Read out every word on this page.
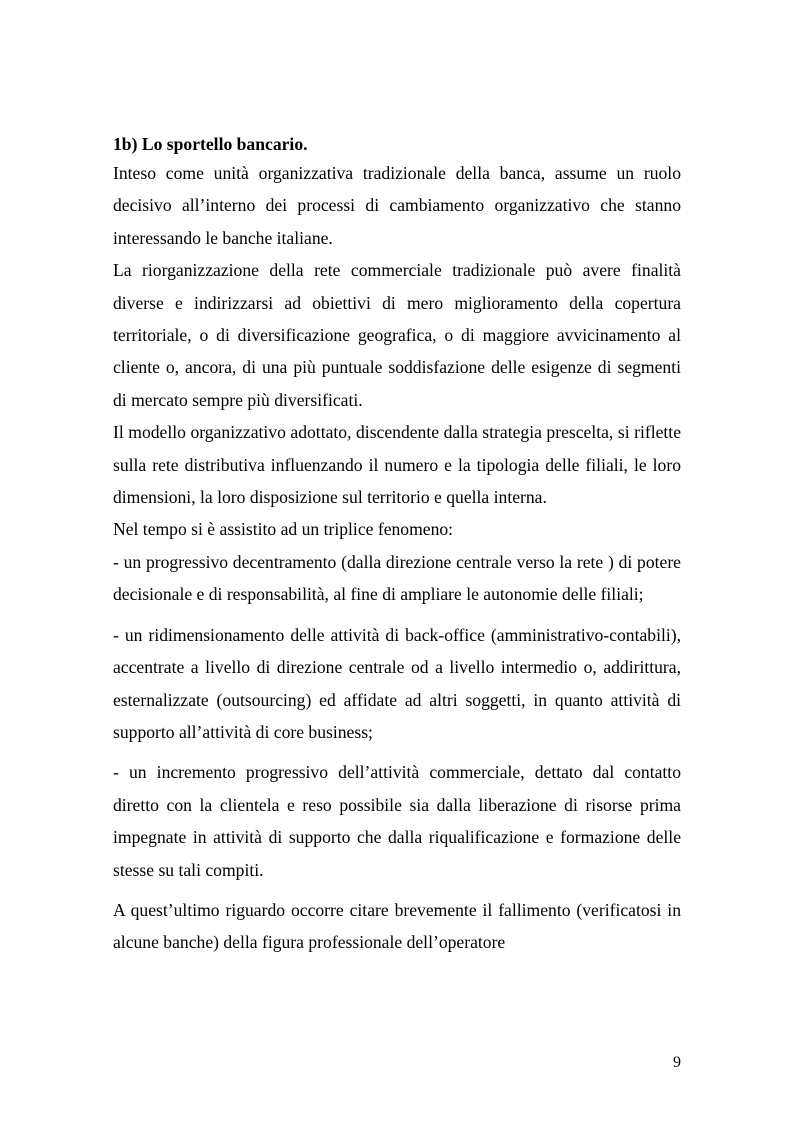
1b) Lo sportello bancario.

Inteso come unità organizzativa tradizionale della banca, assume un ruolo decisivo all’interno dei processi di cambiamento organizzativo che stanno interessando le banche italiane.

La riorganizzazione della rete commerciale tradizionale può avere finalità diverse e indirizzarsi ad obiettivi di mero miglioramento della copertura territoriale, o di diversificazione geografica, o di maggiore avvicinamento al cliente o, ancora, di una più puntuale soddisfazione delle esigenze di segmenti di mercato sempre più diversificati.

Il modello organizzativo adottato, discendente dalla strategia prescelta, si riflette sulla rete distributiva influenzando il numero e la tipologia delle filiali, le loro dimensioni, la loro disposizione sul territorio e quella interna.

Nel tempo si è assistito ad un triplice fenomeno:

- un progressivo decentramento (dalla direzione centrale verso la rete ) di potere decisionale e di responsabilità, al fine di ampliare le autonomie delle filiali;

- un ridimensionamento delle attività di back-office (amministrativo-contabili), accentrate a livello di direzione centrale od a livello intermedio o, addirittura, esternalizzate (outsourcing) ed affidate ad altri soggetti, in quanto attività di supporto all’attività di core business;

- un incremento progressivo dell’attività commerciale, dettato dal contatto diretto con la clientela e reso possibile sia dalla liberazione di risorse prima impegnate in attività di supporto che dalla riqualificazione e formazione delle stesse su tali compiti.

A quest’ultimo riguardo occorre citare brevemente il fallimento (verificatosi in alcune banche) della figura professionale dell’operatore

9
